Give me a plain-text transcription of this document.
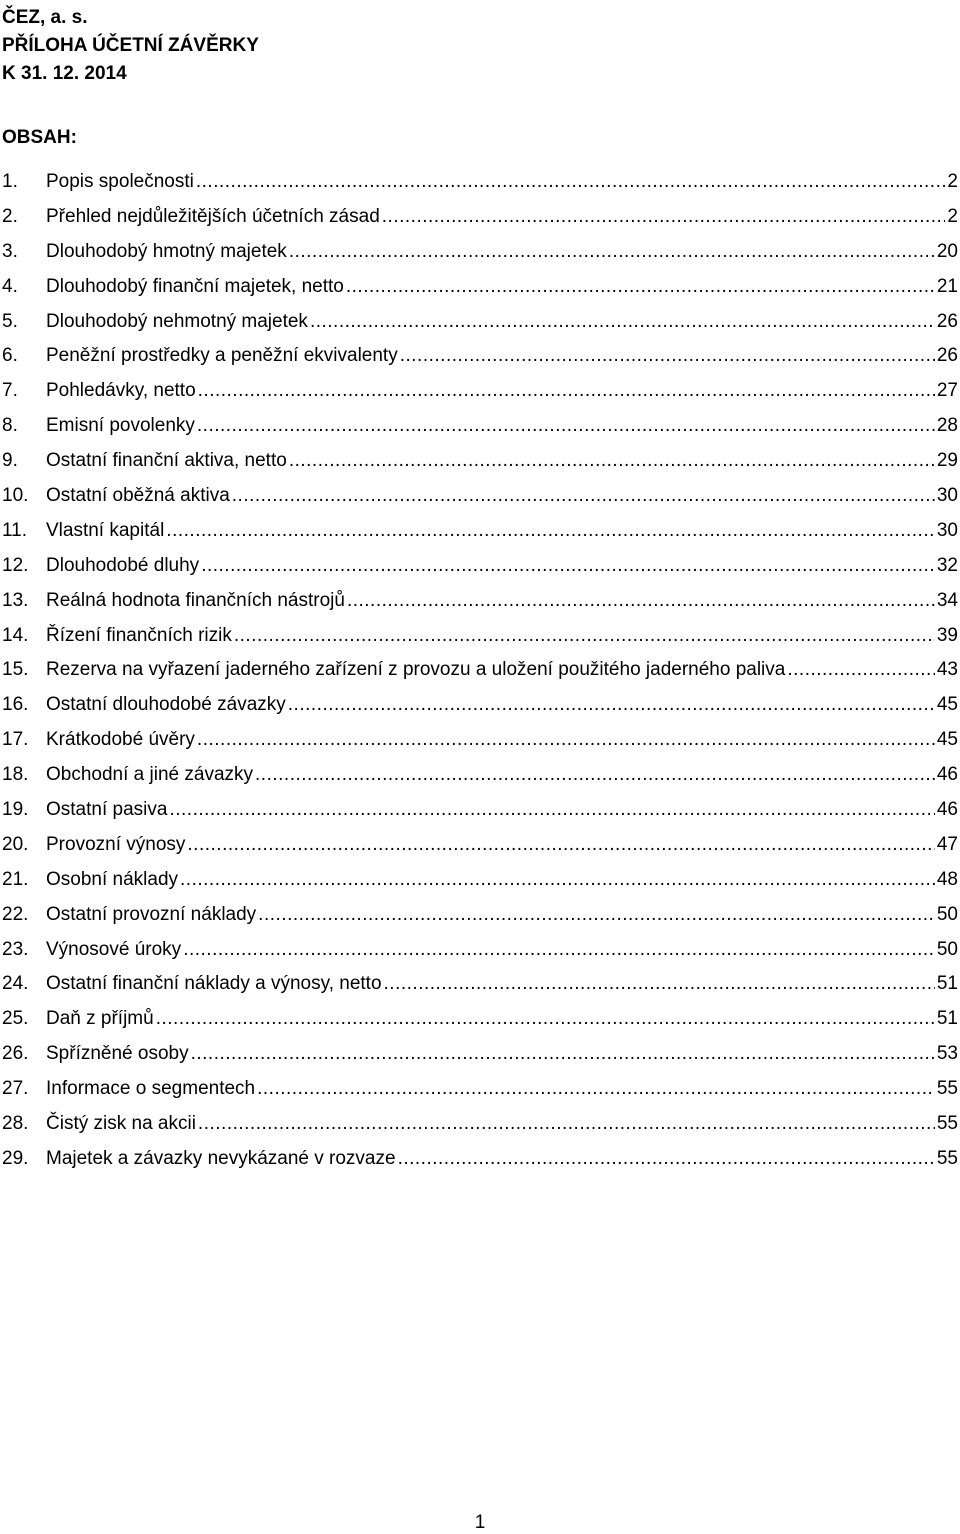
ČEZ, a. s.
PŘÍLOHA ÚČETNÍ ZÁVĚRKY
K 31. 12. 2014
OBSAH:
1.	Popis společnosti .....	2
2.	Přehled nejdůležitějších účetních zásad .....	2
3.	Dlouhodobý hmotný majetek .....	20
4.	Dlouhodobý finanční majetek, netto .....	21
5.	Dlouhodobý nehmotný majetek .....	26
6.	Peněžní prostředky a peněžní ekvivalenty .....	26
7.	Pohledávky, netto .....	27
8.	Emisní povolenky .....	28
9.	Ostatní finanční aktiva, netto .....	29
10. Ostatní oběžná aktiva .....	30
11. Vlastní kapitál .....	30
12. Dlouhodobé dluhy .....	32
13. Reálná hodnota finančních nástrojů .....	34
14. Řízení finančních rizik .....	39
15. Rezerva na vyřazení jaderného zařízení z provozu a uložení použitého jaderného paliva .....	43
16. Ostatní dlouhodobé závazky .....	45
17. Krátkodobé úvěry .....	45
18. Obchodní a jiné závazky .....	46
19. Ostatní pasiva .....	46
20. Provozní výnosy .....	47
21. Osobní náklady .....	48
22. Ostatní provozní náklady .....	50
23. Výnosové úroky .....	50
24. Ostatní finanční náklady a výnosy, netto .....	51
25. Daň z příjmů .....	51
26. Spřízněné osoby .....	53
27. Informace o segmentech .....	55
28. Čistý zisk na akcii .....	55
29. Majetek a závazky nevykázané v rozvaze .....	55
1
